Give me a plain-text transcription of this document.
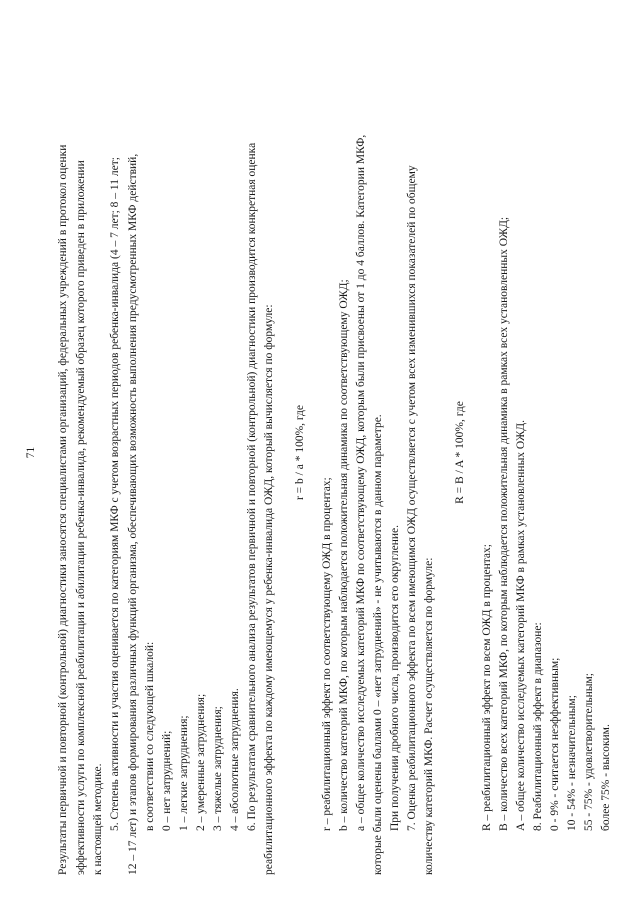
71 Результаты первичной и повторной (контрольной) диагностики заносятся специалистами организаций, федеральных учреждений в протокол оценки эффективности услуги по комплексной реабилитации и абилитации ребенка-инвалида, рекомендуемый образец которого приведен в приложении к настоящей методике. 5. Степень активности и участия оценивается по категориям МКФ с учетом возрастных периодов ребенка-инвалида (4 – 7 лет; 8 – 11 лет; 12 – 17 лет) и этапов формирования различных функций организма, обеспечивающих возможность выполнения предусмотренных МКФ действий, в соответствии со следующей шкалой: 0 – нет затруднений; 1 – легкие затруднения; 2 – умеренные затруднения; 3 – тяжелые затруднения; 4 – абсолютные затруднения. 6. По результатам сравнительного анализа результатов первичной и повторной (контрольной) диагностики производится конкретная оценка реабилитационного эффекта по каждому имеющемуся у ребенка-инвалида ОЖД, который вычисляется по формуле: r = b / a * 100%, где
r – реабилитационный эффект по соответствующему ОЖД в процентах; b – количество категорий МКФ, по которым наблюдается положительная динамика по соответствующему ОЖД; a – общее количество исследуемых категорий МКФ по соответствующему ОЖД, которым были присвоены от 1 до 4 баллов. Категории МКФ, которые были оценены баллами 0 – «нет затруднений» - не учитываются в данном параметре. При получении дробного числа, производится его округление. 7. Оценка реабилитационного эффекта по всем имеющимся ОЖД осуществляется с учетом всех изменившихся показателей по общему количеству категорий МКФ. Расчет осуществляется по формуле:
R = B / A * 100%, где
R – реабилитационный эффект по всем ОЖД в процентах; B – количество всех категорий МКФ, по которым наблюдается положительная динамика в рамках всех установленных ОЖД; A – общее количество исследуемых категорий МКФ в рамках установленных ОЖД. 8. Реабилитационный эффект в диапазоне: 0 - 9% - считается неэффективным; 10 - 54% - незначительным; 55 - 75% - удовлетворительным; более 75% - высоким.
